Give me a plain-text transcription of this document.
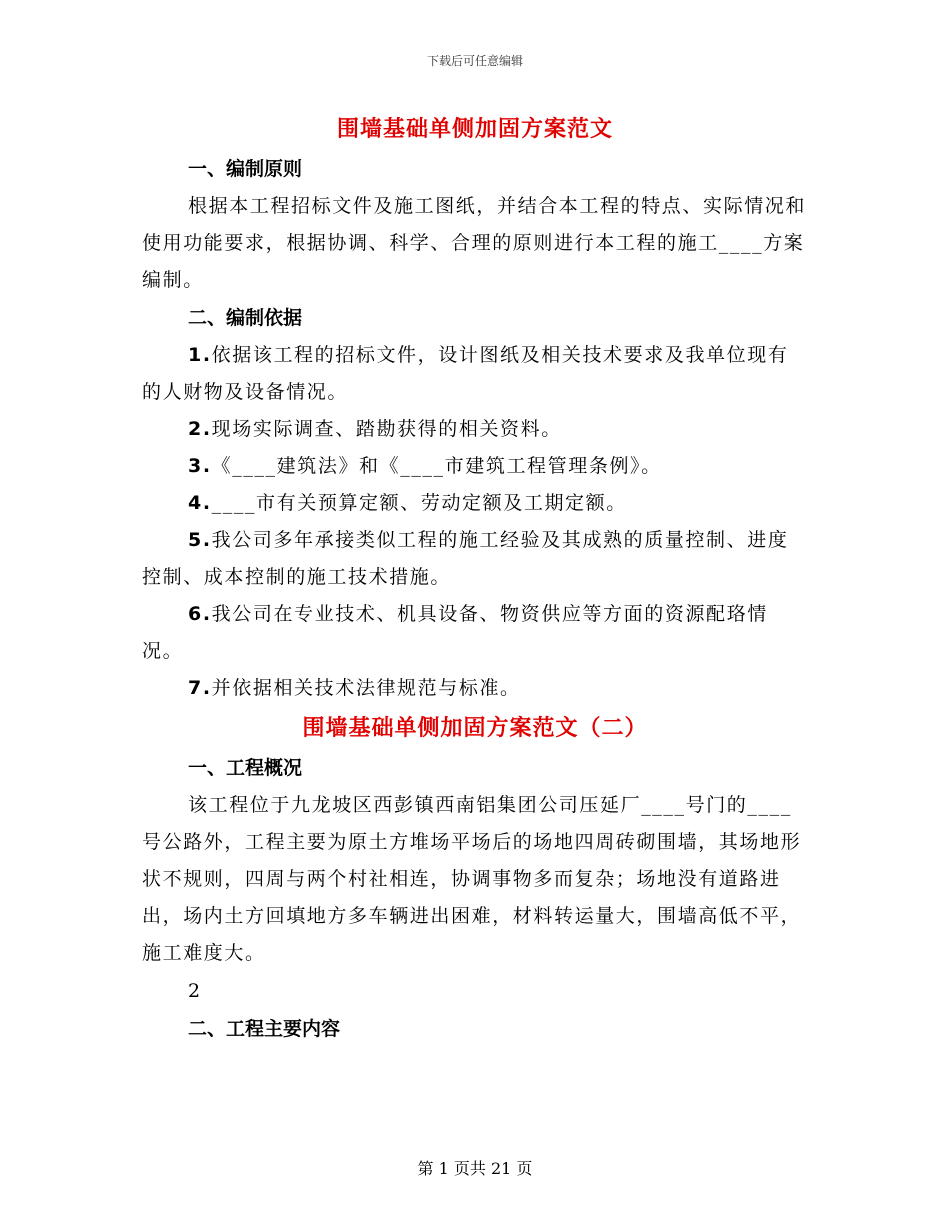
下载后可任意编辑
围墙基础单侧加固方案范文
一、编制原则

根据本工程招标文件及施工图纸，并结合本工程的特点、实际情况和使用功能要求，根据协调、科学、合理的原则进行本工程的施工____方案编制。

二、编制依据

1.依据该工程的招标文件，设计图纸及相关技术要求及我单位现有的人财物及设备情况。

2.现场实际调查、踏勘获得的相关资料。

3.《____建筑法》和《____市建筑工程管理条例》。

4.____市有关预算定额、劳动定额及工期定额。

5.我公司多年承接类似工程的施工经验及其成熟的质量控制、进度控制、成本控制的施工技术措施。

6.我公司在专业技术、机具设备、物资供应等方面的资源配珞情况。

7.并依据相关技术法律规范与标准。

围墙基础单侧加固方案范文（二）
一、工程概况

该工程位于九龙坡区西彭镇西南铝集团公司压延厂____号门的____号公路外，工程主要为原土方堆场平场后的场地四周砖砌围墙，其场地形状不规则，四周与两个村社相连，协调事物多而复杂；场地没有道路进出，场内土方回填地方多车辆进出困难，材料转运量大，围墙高低不平，施工难度大。

2

二、工程主要内容
第 1 页共 21 页
